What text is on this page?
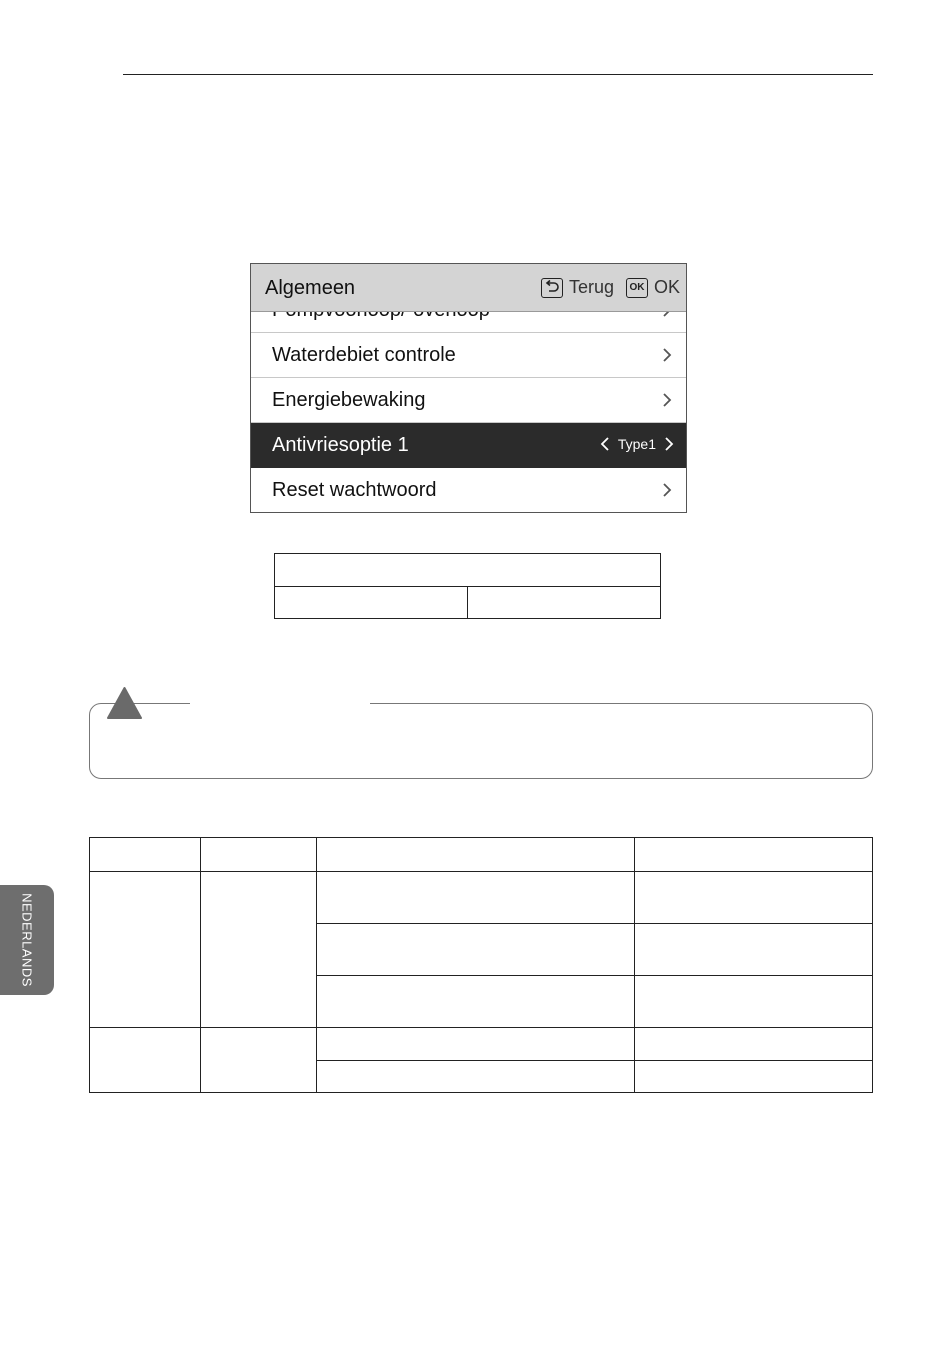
Algemeen	Terug	OK OK
Waterdebiet controle
Energiebewaking
Antivriesoptie 1	Type1
Reset wachtwoord
NEDERLANDS
